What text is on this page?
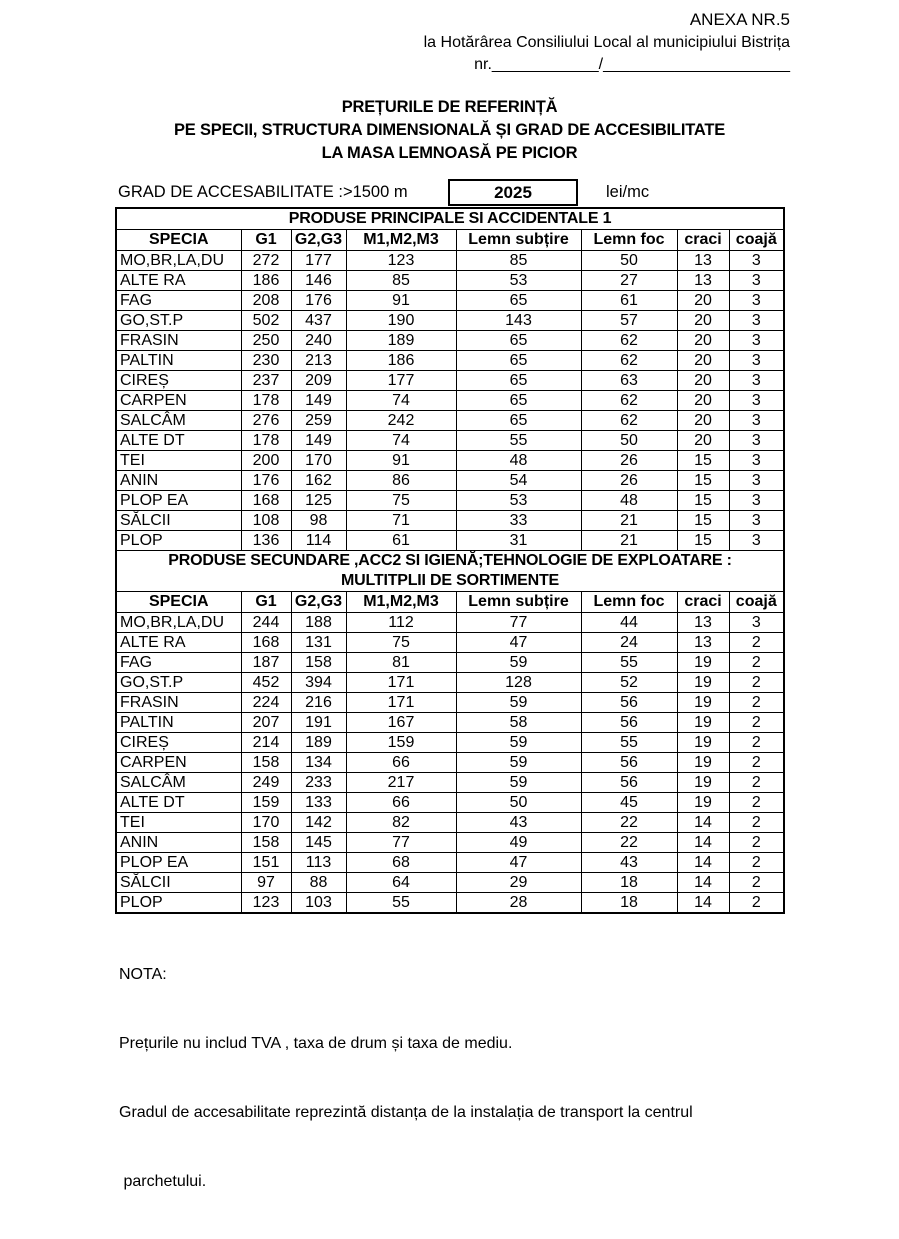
ANEXA NR.5
la Hotărârea Consiliului Local al municipiului Bistrița
nr.____________/_____________________
PREȚURILE DE REFERINȚĂ
PE SPECII, STRUCTURA DIMENSIONALĂ ȘI GRAD DE ACCESIBILITATE
LA MASA LEMNOASĂ PE PICIOR
GRAD DE ACCESABILITATE :>1500 m	2025	lei/mc
PRODUSE PRINCIPALE SI ACCIDENTALE 1							
SPECIA	G1	G2,G3	M1,M2,M3	Lemn subțire	Lemn foc	craci	coajă
MO,BR,LA,DU	272	177	123	85	50	13	3
ALTE RA	186	146	85	53	27	13	3
FAG	208	176	91	65	61	20	3
GO,ST.P	502	437	190	143	57	20	3
FRASIN	250	240	189	65	62	20	3
PALTIN	230	213	186	65	62	20	3
CIREȘ	237	209	177	65	63	20	3
CARPEN	178	149	74	65	62	20	3
SALCÂM	276	259	242	65	62	20	3
ALTE DT	178	149	74	55	50	20	3
TEI	200	170	91	48	26	15	3
ANIN	176	162	86	54	26	15	3
PLOP EA	168	125	75	53	48	15	3
SĂLCII	108	98	71	33	21	15	3
PLOP	136	114	61	31	21	15	3

PRODUSE SECUNDARE ,ACC2 SI IGIENĂ;TEHNOLOGIE DE EXPLOATARE :
MULTITPLII DE SORTIMENTE							

SPECIA	G1	G2,G3	M1,M2,M3	Lemn subțire	Lemn foc	craci	coajă
MO,BR,LA,DU	244	188	112	77	44	13	3
ALTE RA	168	131	75	47	24	13	2
FAG	187	158	81	59	55	19	2
GO,ST.P	452	394	171	128	52	19	2
FRASIN	224	216	171	59	56	19	2
PALTIN	207	191	167	58	56	19	2
CIREȘ	214	189	159	59	55	19	2
CARPEN	158	134	66	59	56	19	2
SALCÂM	249	233	217	59	56	19	2
ALTE DT	159	133	66	50	45	19	2
TEI	170	142	82	43	22	14	2
ANIN	158	145	77	49	22	14	2
PLOP EA	151	113	68	47	43	14	2
SĂLCII	97	88	64	29	18	14	2
PLOP	123	103	55	28	18	14	2

NOTA:

Prețurile nu includ TVA , taxa de drum și taxa de mediu.

Gradul de accesabilitate reprezintă distanța de la instalația de transport la centrul

parchetului.
